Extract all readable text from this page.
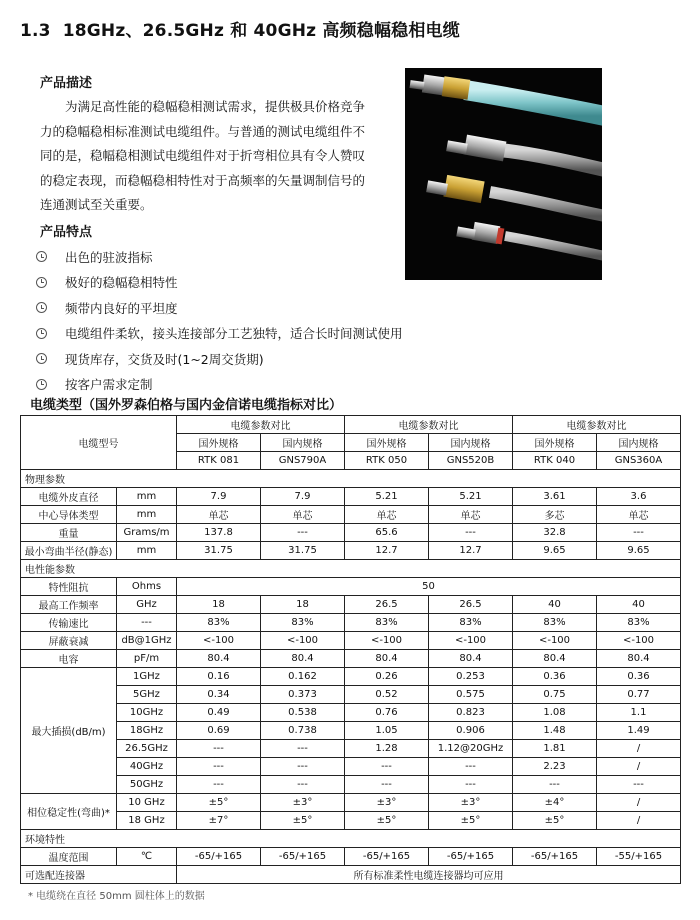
1.3 18GHz、26.5GHz 和 40GHz 高频稳幅稳相电缆
产品描述
为满足高性能的稳幅稳相测试需求，提供极具价格竞争
力的稳幅稳相标准测试电缆组件。与普通的测试电缆组件不
同的是，稳幅稳相测试电缆组件对于折弯相位具有令人赞叹
的稳定表现，而稳幅稳相特性对于高频率的矢量调制信号的
连通测试至关重要。
产品特点
出色的驻波指标
极好的稳幅稳相特性
频带内良好的平坦度
电缆组件柔软，接头连接部分工艺独特，适合长时间测试使用
现货库存，交货及时(1~2周交货期)
按客户需求定制
电缆类型（国外罗森伯格与国内金信诺电缆指标对比）
电缆型号		电缆参数对比		电缆参数对比		电缆参数对比	
		国外规格	国内规格	国外规格	国内规格	国外规格	国内规格
		RTK 081	GNS790A	RTK 050	GNS520B	RTK 040	GNS360A
物理参数							
电缆外皮直径	mm	7.9	7.9	5.21	5.21	3.61	3.6
中心导体类型	mm	单芯	单芯	单芯	单芯	多芯	单芯
重量	Grams/m	137.8	---	65.6	---	32.8	---
最小弯曲半径(静态)	mm	31.75	31.75	12.7	12.7	9.65	9.65
电性能参数							
特性阻抗	Ohms	50					
最高工作频率	GHz	18	18	26.5	26.5	40	40
传输速比	---	83%	83%	83%	83%	83%	83%
屏蔽衰减	dB@1GHz	<-100	<-100	<-100	<-100	<-100	<-100
电容	pF/m	80.4	80.4	80.4	80.4	80.4	80.4
最大插损(dB/m)	1GHz	0.16	0.162	0.26	0.253	0.36	0.36
	5GHz	0.34	0.373	0.52	0.575	0.75	0.77
	10GHz	0.49	0.538	0.76	0.823	1.08	1.1
	18GHz	0.69	0.738	1.05	0.906	1.48	1.49
	26.5GHz	---	---	1.28	1.12@20GHz	1.81	/
	40GHz	---	---	---	---	2.23	/
	50GHz	---	---	---	---	---	---
相位稳定性(弯曲)*	10 GHz	±5°	±3°	±3°	±3°	±4°	/
	18 GHz	±7°	±5°	±5°	±5°	±5°	/
环境特性							
温度范围	℃	-65/+165	-65/+165	-65/+165	-65/+165	-65/+165	-55/+165
可选配连接器		所有标准柔性电缆连接器均可应用					
* 电缆绕在直径 50mm 圆柱体上的数据
